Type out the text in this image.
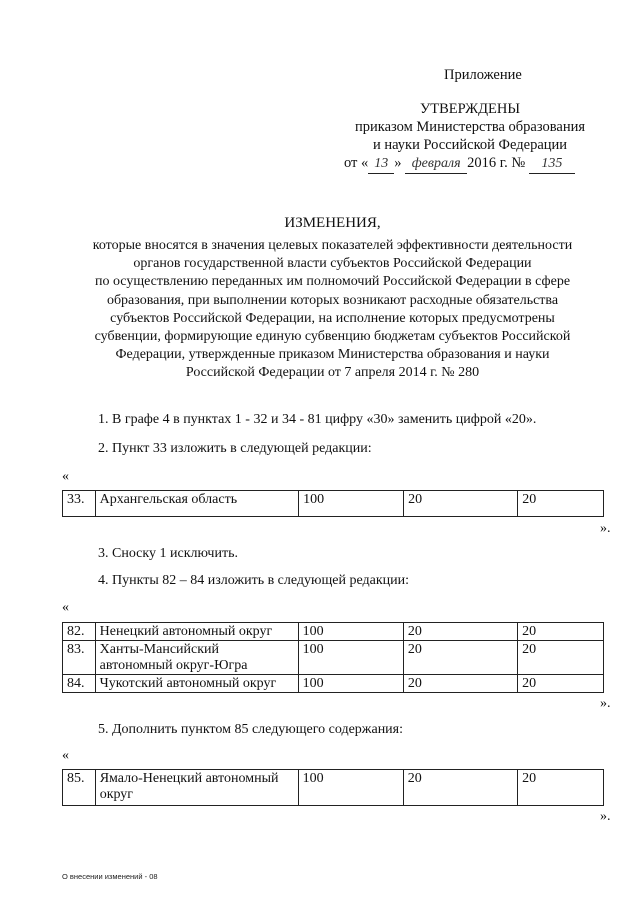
Приложение
УТВЕРЖДЕНЫ
приказом Министерства образования
и науки Российской Федерации
от « 13 » февраля 2016 г. № 135
ИЗМЕНЕНИЯ,
которые вносятся в значения целевых показателей эффективности деятельности
органов государственной власти субъектов Российской Федерации
по осуществлению переданных им полномочий Российской Федерации в сфере
образования, при выполнении которых возникают расходные обязательства
субъектов Российской Федерации, на исполнение которых предусмотрены
субвенции, формирующие единую субвенцию бюджетам субъектов Российской
Федерации, утвержденные приказом Министерства образования и науки
Российской Федерации от 7 апреля 2014 г. № 280
1. В графе 4 в пунктах 1 - 32 и 34 - 81 цифру «30» заменить цифрой «20».
2. Пункт 33 изложить в следующей редакции:
«
33.	Архангельская область	100	20	20
».
3. Сноску 1 исключить.
4. Пункты 82 – 84 изложить в следующей редакции:
«
82.	Ненецкий автономный округ	100	20	20
83.	Ханты-Мансийский автономный округ-Югра	100	20	20
84.	Чукотский автономный округ	100	20	20
».
5. Дополнить пунктом 85 следующего содержания:
«
85.	Ямало-Ненецкий автономный округ	100	20	20
».
О внесении изменений - 08
